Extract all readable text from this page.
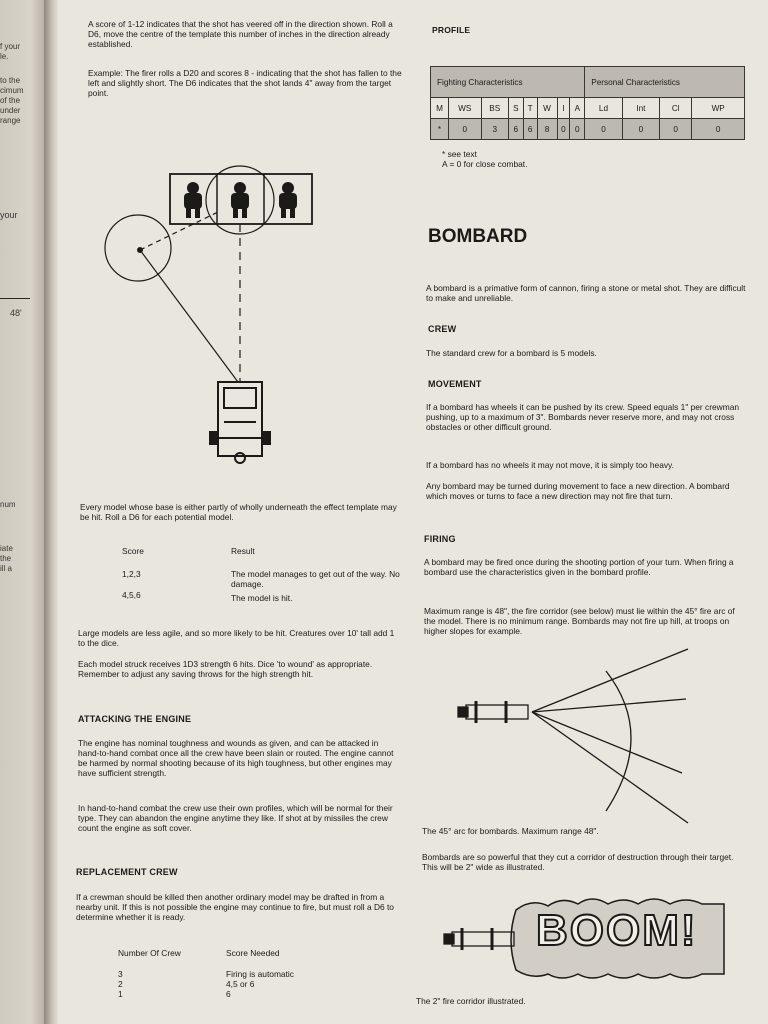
f your
le.
to the
cimum
of the
under
range
your
48'
num
iate
the
ill a
A score of 1-12 indicates that the shot has veered off in the direction shown. Roll a D6, move the centre of the template this number of inches in the direction already established.
Example: The firer rolls a D20 and scores 8 - indicating that the shot has fallen to the left and slightly short. The D6 indicates that the shot lands 4" away from the target point.
Every model whose base is either partly of wholly underneath the effect template may be hit. Roll a D6 for each potential model.
Score	Result
1,2,3	The model manages to get out of the way. No damage.
4,5,6	The model is hit.
Large models are less agile, and so more likely to be hit. Creatures over 10' tall add 1 to the dice.
Each model struck receives 1D3 strength 6 hits. Dice 'to wound' as appropriate. Remember to adjust any saving throws for the high strength hit.
ATTACKING THE ENGINE
The engine has nominal toughness and wounds as given, and can be attacked in hand-to-hand combat once all the crew have been slain or routed. The engine cannot be harmed by normal shooting because of its high toughness, but other engines may have sufficient strength.
In hand-to-hand combat the crew use their own profiles, which will be normal for their type. They can abandon the engine anytime they like. If shot at by missiles the crew count the engine as soft cover.
REPLACEMENT CREW
If a crewman should be killed then another ordinary model may be drafted in from a nearby unit. If this is not possible the engine may continue to fire, but must roll a D6 to determine whether it is ready.
Number Of Crew	Score Needed
3	Firing is automatic
2	4,5 or 6
1	6
PROFILE
Fighting Characteristics								Personal Characteristics			
M	WS	BS	S	T	W	I	A	Ld	Int	Cl	WP
*	0	3	6	6	8	0	0	0	0	0	0
* see text
A = 0 for close combat.
BOMBARD
A bombard is a primative form of cannon, firing a stone or metal shot. They are difficult to make and unreliable.
CREW
The standard crew for a bombard is 5 models.
MOVEMENT
If a bombard has wheels it can be pushed by its crew. Speed equals 1" per crewman pushing, up to a maximum of 3". Bombards never reserve more, and may not cross obstacles or other difficult ground.
If a bombard has no wheels it may not move, it is simply too heavy.
Any bombard may be turned during movement to face a new direction. A bombard which moves or turns to face a new direction may not fire that turn.
FIRING
A bombard may be fired once during the shooting portion of your turn. When firing a bombard use the characteristics given in the bombard profile.
Maximum range is 48", the fire corridor (see below) must lie within the 45° fire arc of the model. There is no minimum range. Bombards may not fire up hill, at troops on higher slopes for example.
The 45° arc for bombards. Maximum range 48".
Bombards are so powerful that they cut a corridor of destruction through their target. This will be 2" wide as illustrated.
BOOM!
The 2" fire corridor illustrated.
